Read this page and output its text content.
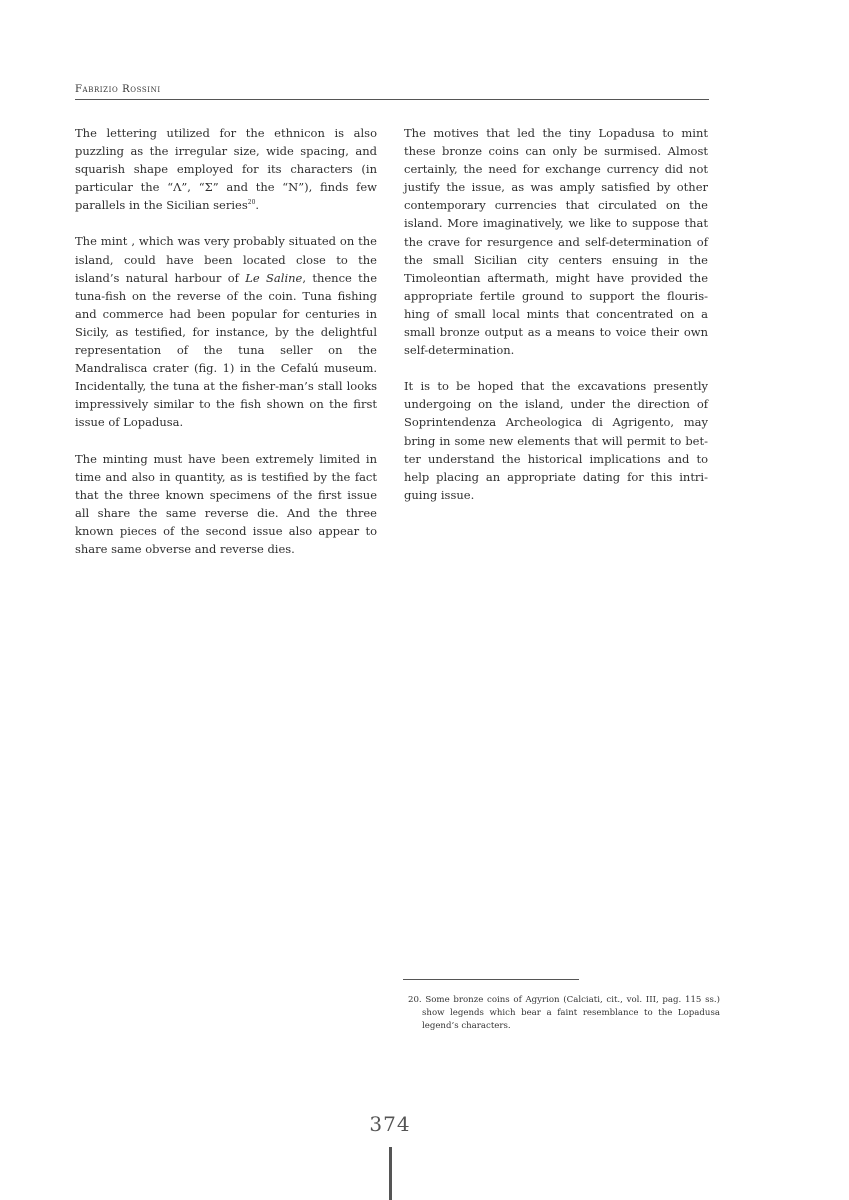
Fabrizio Rossini

The lettering utilized for the ethnicon is also puzzling as the irregular size, wide spacing, and squarish shape employed for its characters (in particular the “Λ”, “Σ” and the “N”), finds few parallels in the Sicilian series$^{20}$.

The mint , which was very probably situated on the island, could have been located close to the island’s natural harbour of Le Saline, thence the tuna-fish on the reverse of the coin. Tuna fishing and commerce had been popular for centuries in Sicily, as testified, for instance, by the delightful representation of the tuna seller on the Mandralisca crater (fig. 1) in the Cefalú museum. Incidentally, the tuna at the fisher-man’s stall looks impressively similar to the fish shown on the first issue of Lopadusa.

The minting must have been extremely limited in time and also in quantity, as is testified by the fact that the three known specimens of the first issue all share the same reverse die. And the three known pieces of the second issue also appear to share same obverse and reverse dies.

The motives that led the tiny Lopadusa to mint these bronze coins can only be surmised. Almost certainly, the need for exchange currency did not justify the issue, as was amply satisfied by other contemporary currencies that circulated on the island. More imaginatively, we like to suppose that the crave for resurgence and self-determination of the small Sicilian city centers ensuing in the Timoleontian aftermath, might have provided the appropriate fertile ground to support the flouris-hing of small local mints that concentrated on a small bronze output as a means to voice their own self-determination.

It is to be hoped that the excavations presently undergoing on the island, under the direction of Soprintendenza Archeologica di Agrigento, may bring in some new elements that will permit to bet-ter understand the historical implications and to help placing an appropriate dating for this intri-guing issue.

20. Some bronze coins of Agyrion (Calciati, cit., vol. III, pag. 115 ss.) show legends which bear a faint resemblance to the Lopadusa legend’s characters.
374
